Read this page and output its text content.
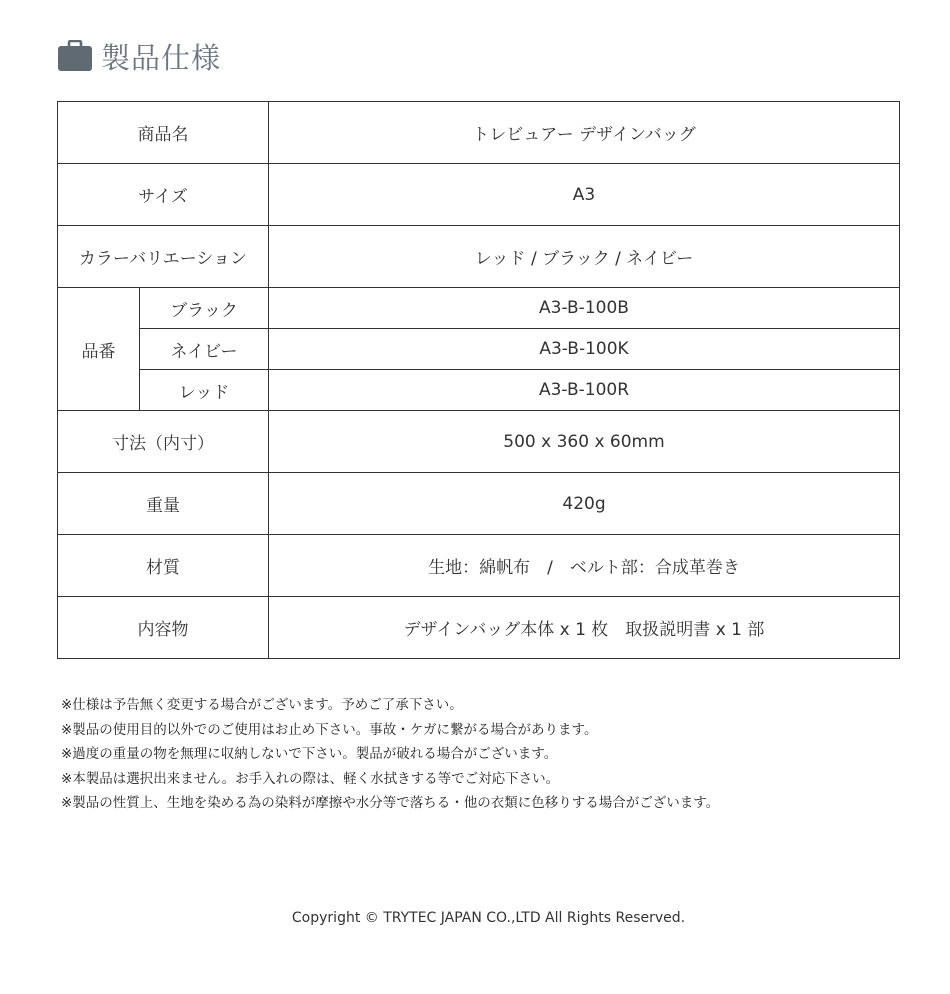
製品仕様
商品名		トレビュアー デザインバッグ
サイズ		A3
カラーバリエーション		レッド / ブラック / ネイビー
品番	ブラック	A3-B-100B
	ネイビー	A3-B-100K
	レッド	A3-B-100R
寸法（内寸）		500 x 360 x 60mm
重量		420g
材質		生地：綿帆布　/　ベルト部：合成革巻き
内容物		デザインバッグ本体 x 1 枚　取扱説明書 x 1 部
※仕様は予告無く変更する場合がございます。予めご了承下さい。
※製品の使用目的以外でのご使用はお止め下さい。事故・ケガに繋がる場合があります。
※過度の重量の物を無理に収納しないで下さい。製品が破れる場合がございます。
※本製品は選択出来ません。お手入れの際は、軽く水拭きする等でご対応下さい。
※製品の性質上、生地を染める為の染料が摩擦や水分等で落ちる・他の衣類に色移りする場合がございます。
Copyright © TRYTEC JAPAN CO.,LTD All Rights Reserved.
